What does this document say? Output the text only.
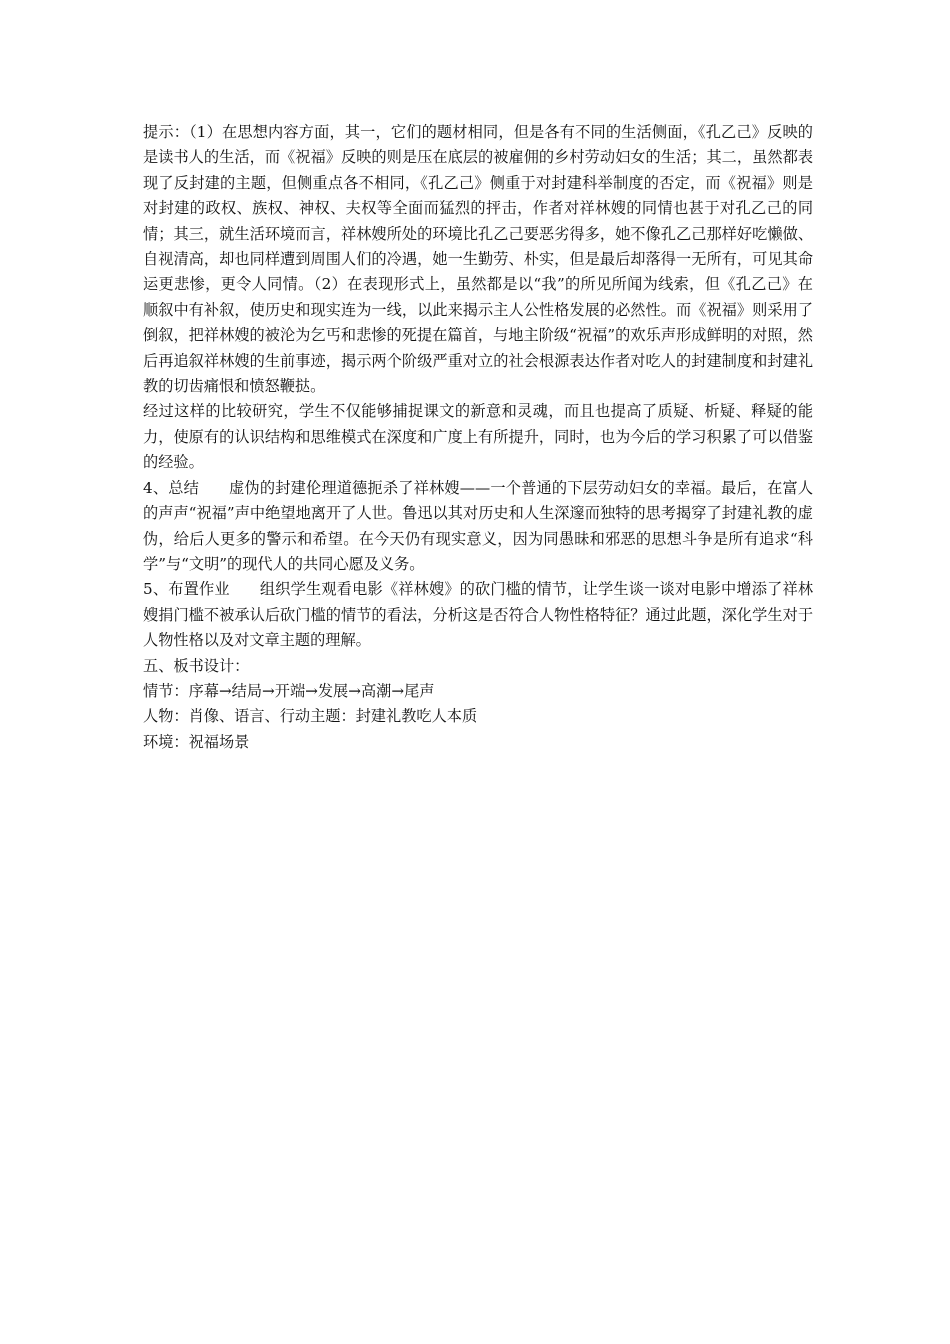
提示：（1）在思想内容方面，其一，它们的题材相同，但是各有不同的生活侧面，《孔乙己》反映的是读书人的生活，而《祝福》反映的则是压在底层的被雇佣的乡村劳动妇女的生活；其二，虽然都表现了反封建的主题，但侧重点各不相同，《孔乙己》侧重于对封建科举制度的否定，而《祝福》则是对封建的政权、族权、神权、夫权等全面而猛烈的抨击，作者对祥林嫂的同情也甚于对孔乙己的同情；其三，就生活环境而言，祥林嫂所处的环境比孔乙己要恶劣得多，她不像孔乙己那样好吃懒做、自视清高，却也同样遭到周围人们的冷遇，她一生勤劳、朴实，但是最后却落得一无所有，可见其命运更悲惨，更令人同情。（2）在表现形式上，虽然都是以“我”的所见所闻为线索，但《孔乙己》在顺叙中有补叙，使历史和现实连为一线，以此来揭示主人公性格发展的必然性。而《祝福》则采用了倒叙，把祥林嫂的被沦为乞丐和悲惨的死提在篇首，与地主阶级“祝福”的欢乐声形成鲜明的对照，然后再追叙祥林嫂的生前事迹，揭示两个阶级严重对立的社会根源表达作者对吃人的封建制度和封建礼教的切齿痛恨和愤怒鞭挞。

经过这样的比较研究，学生不仅能够捕捉课文的新意和灵魂，而且也提高了质疑、析疑、释疑的能力，使原有的认识结构和思维模式在深度和广度上有所提升，同时，也为今后的学习积累了可以借鉴的经验。

4、总结 虚伪的封建伦理道德扼杀了祥林嫂——一个普通的下层劳动妇女的幸福。最后，在富人的声声“祝福”声中绝望地离开了人世。鲁迅以其对历史和人生深邃而独特的思考揭穿了封建礼教的虚伪，给后人更多的警示和希望。在今天仍有现实意义，因为同愚昧和邪恶的思想斗争是所有追求“科学”与“文明”的现代人的共同心愿及义务。

5、布置作业 组织学生观看电影《祥林嫂》的砍门槛的情节，让学生谈一谈对电影中增添了祥林嫂捐门槛不被承认后砍门槛的情节的看法，分析这是否符合人物性格特征？通过此题，深化学生对于人物性格以及对文章主题的理解。

五、板书设计：

情节：序幕→结局→开端→发展→高潮→尾声

人物：肖像、语言、行动主题：封建礼教吃人本质

环境：祝福场景
